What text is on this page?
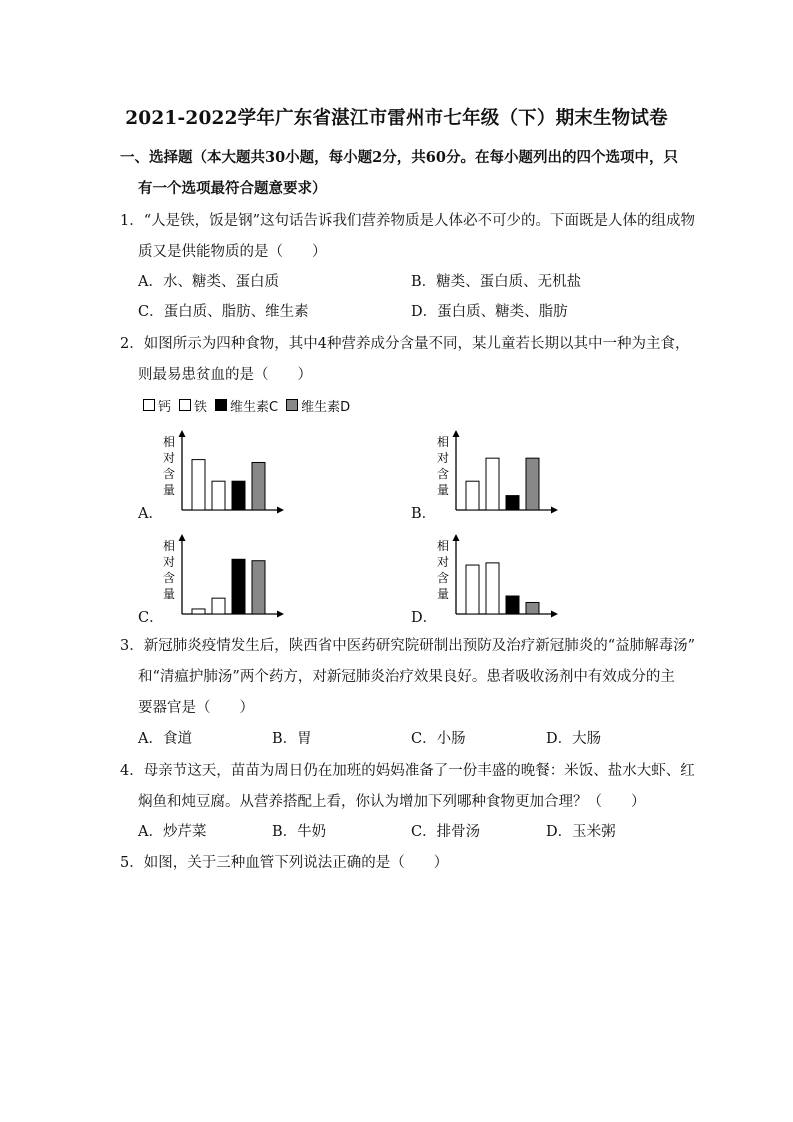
2021-2022学年广东省湛江市雷州市七年级（下）期末生物试卷
一、选择题（本大题共30小题，每小题2分，共60分。在每小题列出的四个选项中，只
有一个选项最符合题意要求）
1．“人是铁，饭是钢”这句话告诉我们营养物质是人体必不可少的。下面既是人体的组成物
质又是供能物质的是（　　）
A．水、糖类、蛋白质	B．糖类、蛋白质、无机盐
C．蛋白质、脂肪、维生素	D．蛋白质、糖类、脂肪
2．如图所示为四种食物，其中4种营养成分含量不同，某儿童若长期以其中一种为主食，
则最易患贫血的是（　　）
钙 铁 维生素C 维生素D
相
对
含
量
A．
相
对
含
量
B．
相
对
含
量
C．
相
对
含
量
D．
3．新冠肺炎疫情发生后，陕西省中医药研究院研制出预防及治疗新冠肺炎的“益肺解毒汤”
和“清瘟护肺汤”两个药方，对新冠肺炎治疗效果良好。患者吸收汤剂中有效成分的主
要器官是（　　）
A．食道	B．胃	C．小肠	D．大肠
4．母亲节这天，苗苗为周日仍在加班的妈妈准备了一份丰盛的晚餐：米饭、盐水大虾、红
焖鱼和炖豆腐。从营养搭配上看，你认为增加下列哪种食物更加合理？（　　）
A．炒芹菜	B．牛奶	C．排骨汤	D．玉米粥
5．如图，关于三种血管下列说法正确的是（　　）
